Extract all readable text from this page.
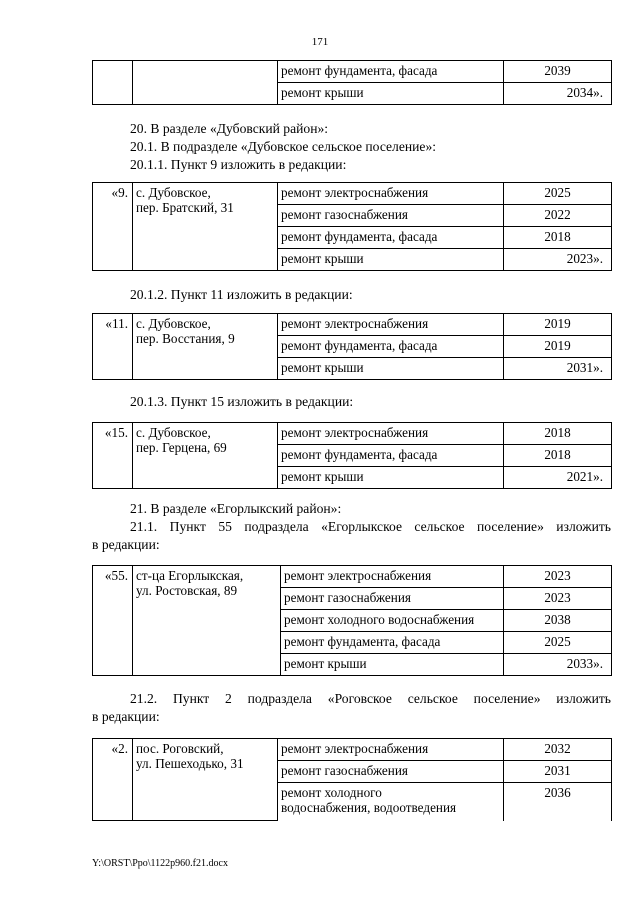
171
		ремонт фундамента, фасада	2039
		ремонт крыши	2034».
20. В разделе «Дубовский район»:
20.1. В подразделе «Дубовское сельское поселение»:
20.1.1. Пункт 9 изложить в редакции:
«9.	с. Дубовское,
пер. Братский, 31	ремонт электроснабжения	2025
		ремонт газоснабжения	2022
		ремонт фундамента, фасада	2018
		ремонт крыши	2023».
20.1.2. Пункт 11 изложить в редакции:
«11.	с. Дубовское,
пер. Восстания, 9	ремонт электроснабжения	2019
		ремонт фундамента, фасада	2019
		ремонт крыши	2031».
20.1.3. Пункт 15 изложить в редакции:
«15.	с. Дубовское,
пер. Герцена, 69	ремонт электроснабжения	2018
		ремонт фундамента, фасада	2018
		ремонт крыши	2021».
21. В разделе «Егорлыкский район»:
21.1. Пункт 55 подраздела «Егорлыкское сельское поселение» изложить
в редакции:
«55.	ст-ца Егорлыкская,
ул. Ростовская, 89	ремонт электроснабжения	2023
		ремонт газоснабжения	2023
		ремонт холодного водоснабжения	2038
		ремонт фундамента, фасада	2025
		ремонт крыши	2033».
21.2. Пункт 2 подраздела «Роговское сельское поселение» изложить
в редакции:
«2.	пос. Роговский,
ул. Пешеходько, 31	ремонт электроснабжения	2032
		ремонт газоснабжения	2031

		ремонт холодного
водоснабжения, водоотведения	2036
Y:\ORST\Ppo\1122p960.f21.docx
